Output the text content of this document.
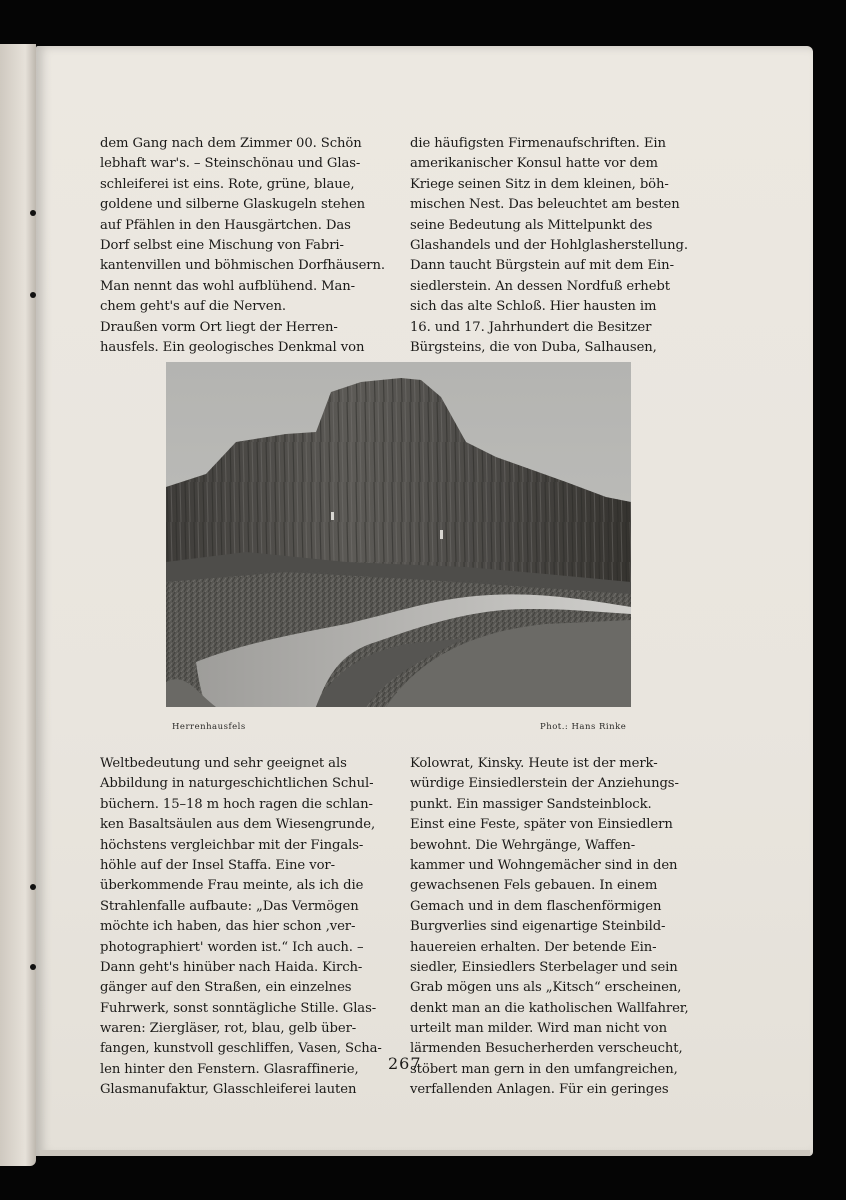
dem Gang nach dem Zimmer 00. Schön
lebhaft war's. – Steinschönau und Glas-
schleiferei ist eins. Rote, grüne, blaue,
goldene und silberne Glaskugeln stehen
auf Pfählen in den Hausgärtchen. Das
Dorf selbst eine Mischung von Fabri-
kantenvillen und böhmischen Dorfhäusern.
Man nennt das wohl aufblühend. Man-
chem geht's auf die Nerven.
Draußen vorm Ort liegt der Herren-
hausfels. Ein geologisches Denkmal von
die häufigsten Firmenaufschriften. Ein
amerikanischer Konsul hatte vor dem
Kriege seinen Sitz in dem kleinen, böh-
mischen Nest. Das beleuchtet am besten
seine Bedeutung als Mittelpunkt des
Glashandels und der Hohlglasherstellung.
Dann taucht Bürgstein auf mit dem Ein-
siedlerstein. An dessen Nordfuß erhebt
sich das alte Schloß. Hier hausten im
16. und 17. Jahrhundert die Besitzer
Bürgsteins, die von Duba, Salhausen,
Herrenhausfels	Phot.: Hans Rinke
Weltbedeutung und sehr geeignet als
Abbildung in naturgeschichtlichen Schul-
büchern. 15–18 m hoch ragen die schlan-
ken Basaltsäulen aus dem Wiesengrunde,
höchstens vergleichbar mit der Fingals-
höhle auf der Insel Staffa. Eine vor-
überkommende Frau meinte, als ich die
Strahlenfalle aufbaute: „Das Vermögen
möchte ich haben, das hier schon ‚ver-
photographiert' worden ist.“ Ich auch. –
Dann geht's hinüber nach Haida. Kirch-
gänger auf den Straßen, ein einzelnes
Fuhrwerk, sonst sonntägliche Stille. Glas-
waren: Ziergläser, rot, blau, gelb über-
fangen, kunstvoll geschliffen, Vasen, Scha-
len hinter den Fenstern. Glasraffinerie,
Glasmanufaktur, Glasschleiferei lauten
Kolowrat, Kinsky. Heute ist der merk-
würdige Einsiedlerstein der Anziehungs-
punkt. Ein massiger Sandsteinblock.
Einst eine Feste, später von Einsiedlern
bewohnt. Die Wehrgänge, Waffen-
kammer und Wohngemächer sind in den
gewachsenen Fels gebauen. In einem
Gemach und in dem flaschenförmigen
Burgverlies sind eigenartige Steinbild-
hauereien erhalten. Der betende Ein-
siedler, Einsiedlers Sterbelager und sein
Grab mögen uns als „Kitsch“ erscheinen,
denkt man an die katholischen Wallfahrer,
urteilt man milder. Wird man nicht von
lärmenden Besucherherden verscheucht,
stöbert man gern in den umfangreichen,
verfallenden Anlagen. Für ein geringes
267
